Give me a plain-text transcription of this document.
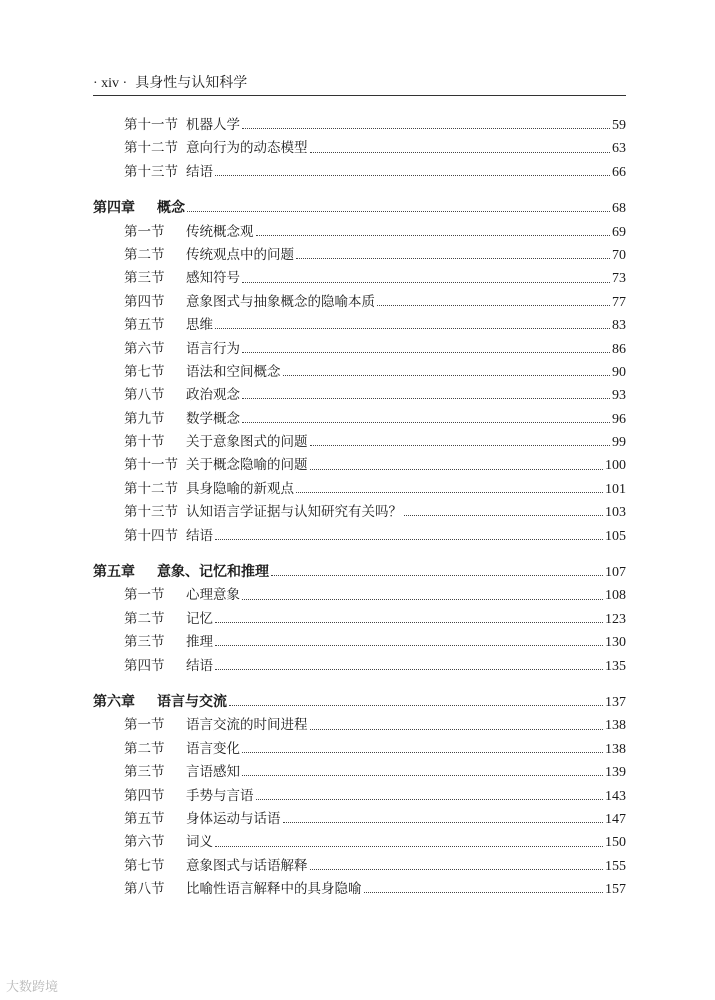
· xiv · 具身性与认知科学
第十一节 机器人学	59
第十二节 意向行为的动态模型	63
第十三节 结语	66
第四章	概念	68
第一节	传统概念观	69
第二节	传统观点中的问题	70
第三节	感知符号	73
第四节	意象图式与抽象概念的隐喻本质	77
第五节	思维	83
第六节	语言行为	86
第七节	语法和空间概念	90
第八节	政治观念	93
第九节	数学概念	96
第十节	关于意象图式的问题	99
第十一节 关于概念隐喻的问题	100
第十二节 具身隐喻的新观点	101
第十三节 认知语言学证据与认知研究有关吗？	103
第十四节 结语	105
第五章	意象、记忆和推理	107
第一节	心理意象	108
第二节	记忆	123
第三节	推理	130
第四节	结语	135
第六章	语言与交流	137
第一节	语言交流的时间进程	138
第二节	语言变化	138
第三节	言语感知	139
第四节	手势与言语	143
第五节	身体运动与话语	147
第六节	词义	150
第七节	意象图式与话语解释	155
第八节	比喻性语言解释中的具身隐喻	157
大数跨境
